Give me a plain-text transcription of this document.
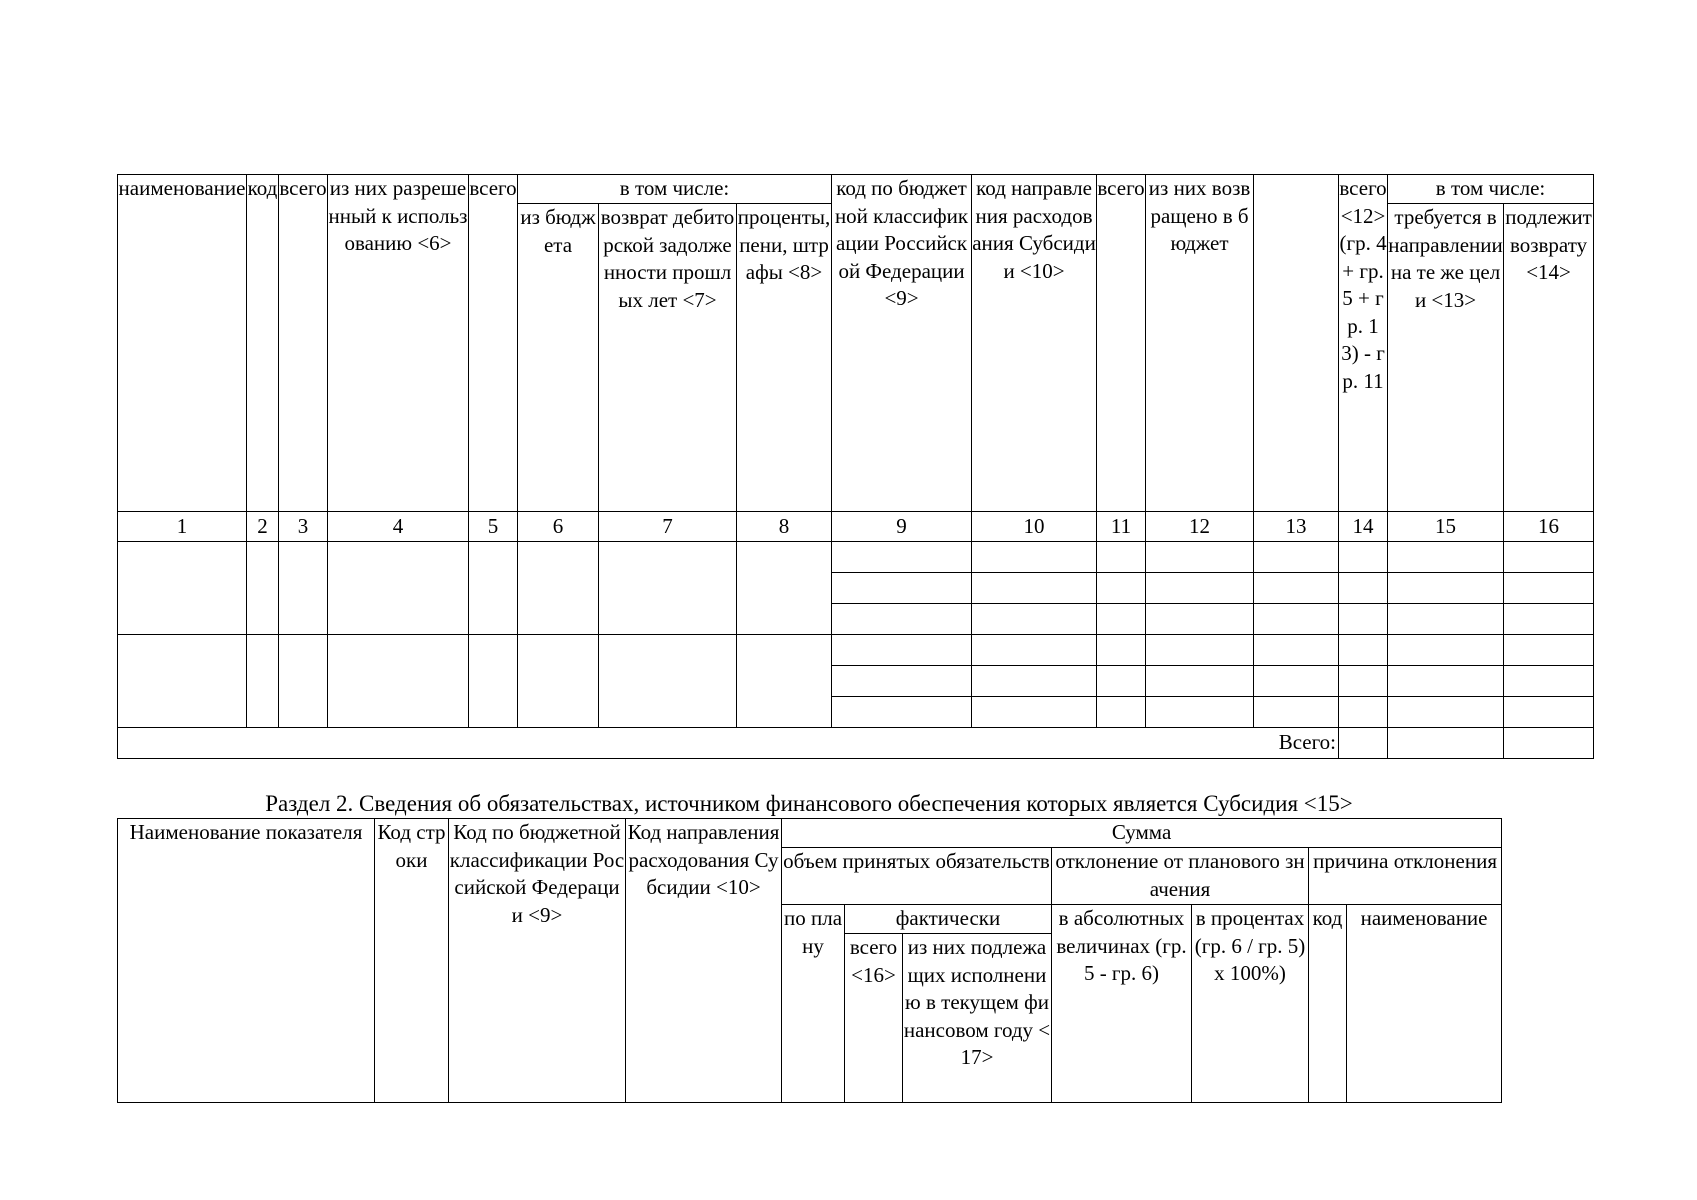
наименование	код	всего	из них разрешенный к использованию <6>	всего	в том числе:			код по бюджетной классификации Российской Федерации <9>	код направления расходования Субсидии <10>	всего	из них возвращено в бюджет		всего <12> (гр. 4 + гр. 5 + гр. 13) - гр. 11	в том числе:	
					из бюджета	возврат дебиторской задолженности прошлых лет <7>	проценты, пени, штрафы <8>							требуется в направлении на те же цели <13>	подлежит возврату <14>
1	2	3	4	5	6	7	8	9	10	11	12	13	14	15	16

Всего:															

Раздел 2. Сведения об обязательствах, источником финансового обеспечения которых является Субсидия <15>

Наименование показателя	Код строки	Код по бюджетной классификации Российской Федерации <9>	Код направления расходования Субсидии <10>	Сумма						
				объем принятых обязательств			отклонение от планового значения		причина отклонения	
				по плану	фактически		в абсолютных величинах (гр. 5 - гр. 6)	в процентах (гр. 6 / гр. 5) x 100%)	код	наименование
					всего <16>	из них подлежащих исполнению в текущем финансовом году <17>				
